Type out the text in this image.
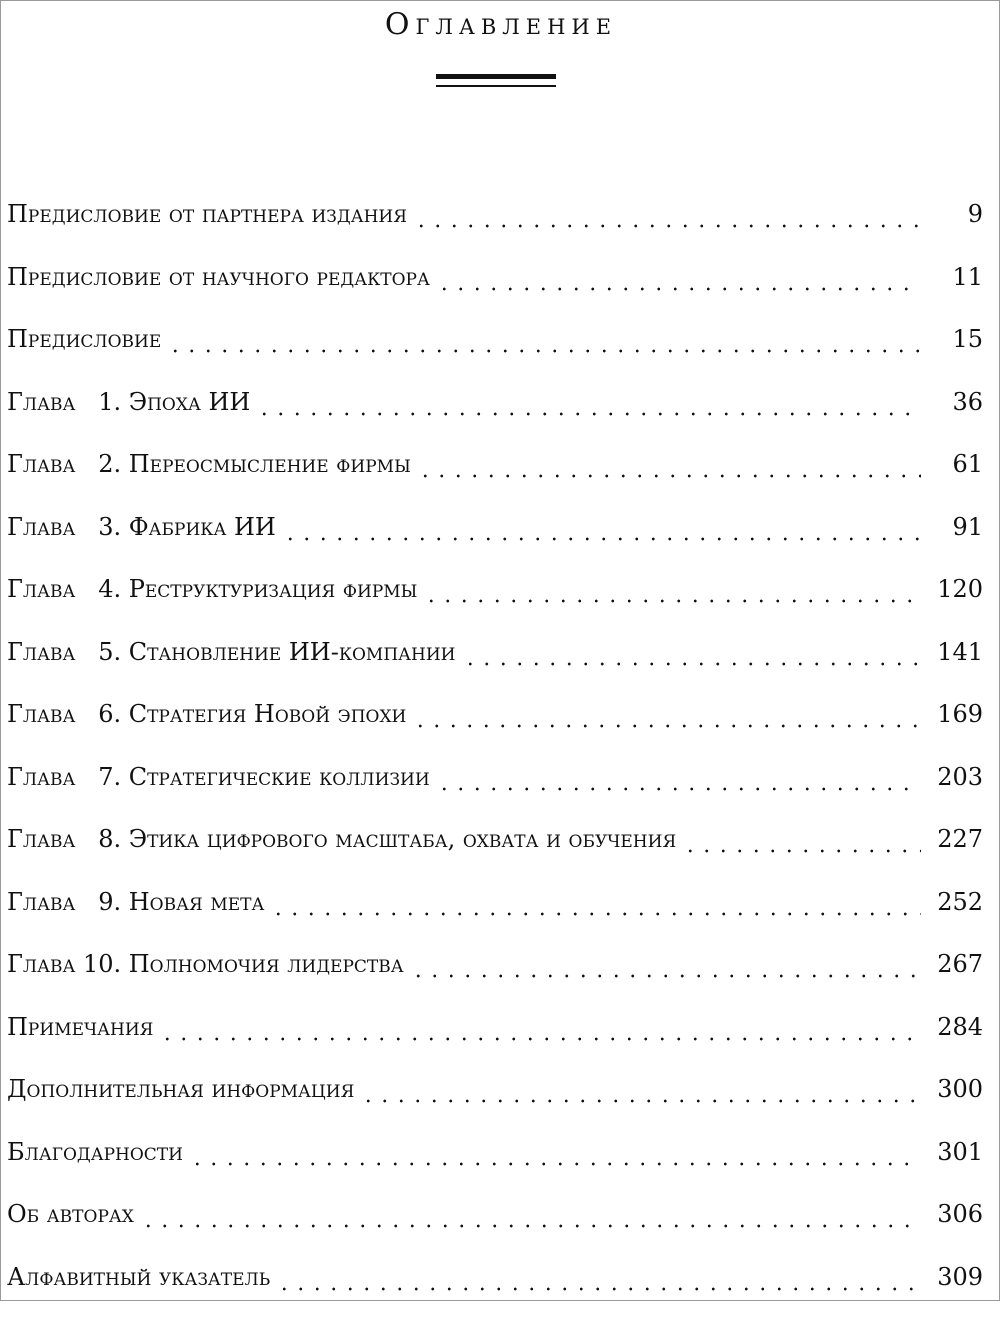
Оглавление
Предисловие от партнера издания	9
Предисловие от научного редактора	11
Предисловие	15
Глава   1. Эпоха ИИ	36
Глава   2. Переосмысление фирмы	61
Глава   3. Фабрика ИИ	91
Глава   4. Реструктуризация фирмы	120
Глава   5. Становление ИИ-компании	141
Глава   6. Стратегия Новой эпохи	169
Глава   7. Стратегические коллизии	203
Глава   8. Этика цифрового масштаба, охвата и обучения	227
Глава   9. Новая мета	252
Глава 10. Полномочия лидерства	267
Примечания	284
Дополнительная информация	300
Благодарности	301
Об авторах	306
Алфавитный указатель	309
